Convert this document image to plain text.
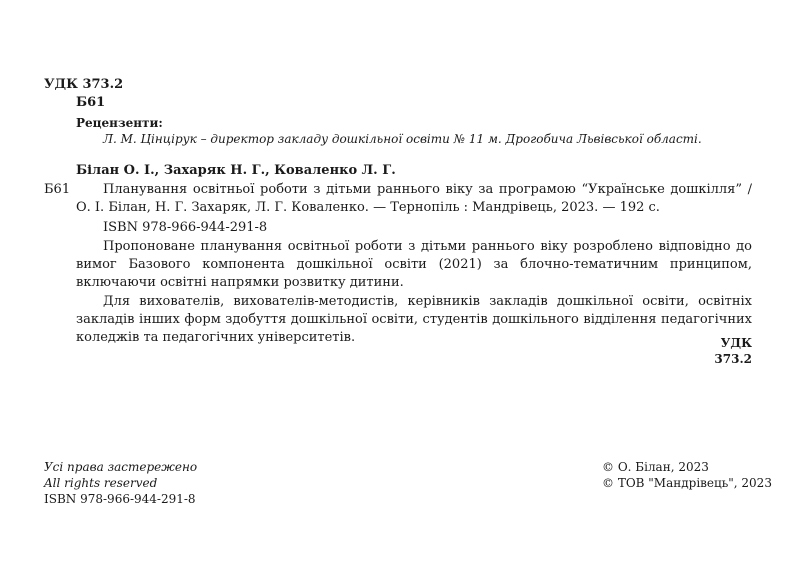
УДК 373.2
Б61
Рецензенти:
Л. М. Цінцірук – директор закладу дошкільної освіти № 11 м. Дрогобича Львівської області.
Білан О. І., Захаряк Н. Г., Коваленко Л. Г.
Б61	Планування освітньої роботи з дітьми раннього віку за програмою “Українське дошкілля” / О. І. Білан, Н. Г. Захаряк, Л. Г. Коваленко. — Тернопіль : Мандрівець, 2023. — 192 с.
ISBN 978-966-944-291-8
Пропоноване планування освітньої роботи з дітьми раннього віку розроблено відповідно до вимог Базового компонента дошкільної освіти (2021) за блочно-тематичним принципом, включаючи освітні напрямки розвитку дитини.
Для вихователів, вихователів-методистів, керівників закладів дошкільної освіти, освітніх закладів інших форм здобуття дошкільної освіти, студентів дошкільного відділення педагогічних коледжів та педагогічних університетів.	УДК 373.2
Усі права застережено
All rights reserved
ISBN 978-966-944-291-8
© О. Білан, 2023
© ТОВ "Мандрівець", 2023
